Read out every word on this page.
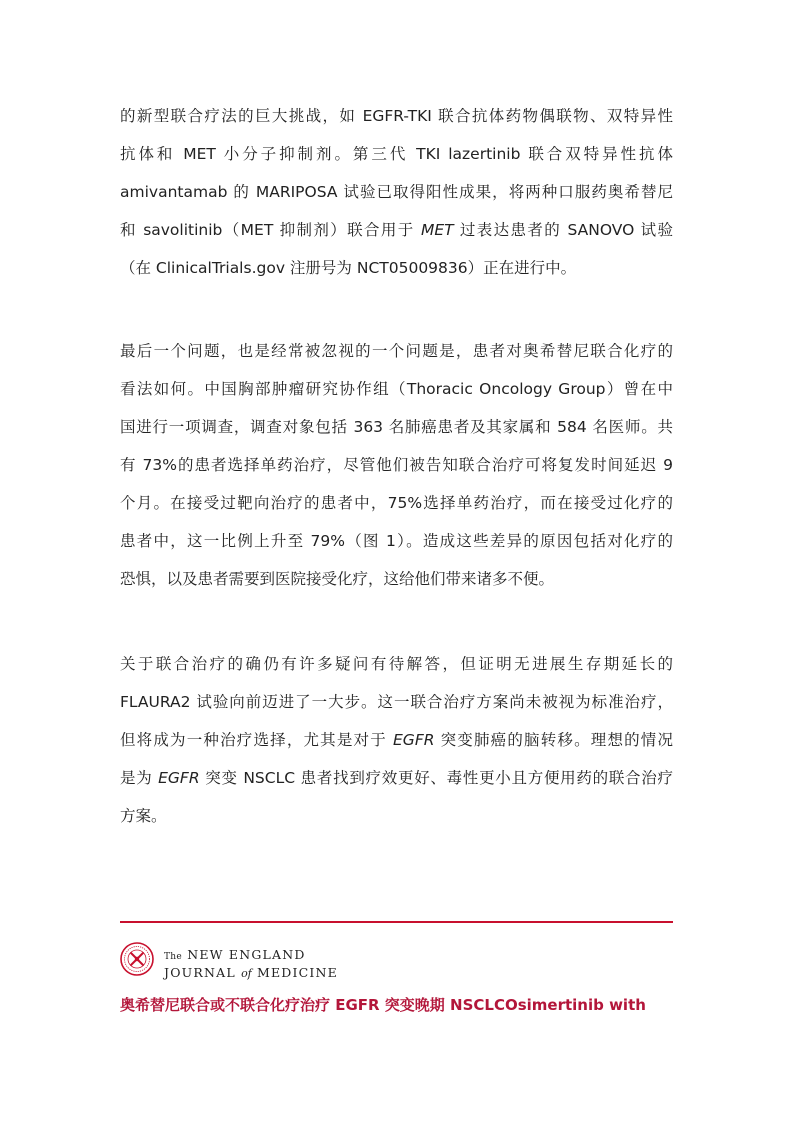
的新型联合疗法的巨大挑战，如 EGFR-TKI 联合抗体药物偶联物、双特异性
抗体和 MET 小分子抑制剂。第三代 TKI lazertinib 联合双特异性抗体
amivantamab 的 MARIPOSA 试验已取得阳性成果，将两种口服药奥希替尼
和 savolitinib（MET 抑制剂）联合用于 MET 过表达患者的 SANOVO 试验
（在 ClinicalTrials.gov 注册号为 NCT05009836）正在进行中。
最后一个问题，也是经常被忽视的一个问题是，患者对奥希替尼联合化疗的
看法如何。中国胸部肿瘤研究协作组（Thoracic Oncology Group）曾在中
国进行一项调查，调查对象包括 363 名肺癌患者及其家属和 584 名医师。共
有 73%的患者选择单药治疗，尽管他们被告知联合治疗可将复发时间延迟 9
个月。在接受过靶向治疗的患者中，75%选择单药治疗，而在接受过化疗的
患者中，这一比例上升至 79%（图 1）。造成这些差异的原因包括对化疗的
恐惧，以及患者需要到医院接受化疗，这给他们带来诸多不便。
关于联合治疗的确仍有许多疑问有待解答，但证明无进展生存期延长的
FLAURA2 试验向前迈进了一大步。这一联合治疗方案尚未被视为标准治疗，
但将成为一种治疗选择，尤其是对于 EGFR 突变肺癌的脑转移。理想的情况
是为 EGFR 突变 NSCLC 患者找到疗效更好、毒性更小且方便用药的联合治疗
方案。
The NEW ENGLAND
JOURNAL of MEDICINE
奥希替尼联合或不联合化疗治疗 EGFR 突变晚期 NSCLCOsimertinib with
